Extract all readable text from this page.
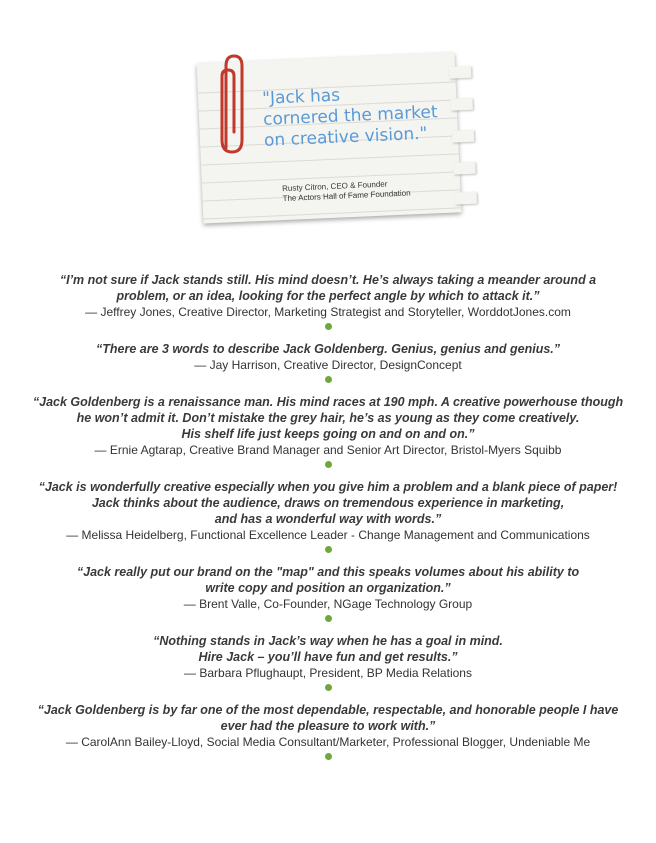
"Jack has
cornered the market
on creative vision."
Rusty Citron, CEO & Founder
The Actors Hall of Fame Foundation
“I’m not sure if Jack stands still. His mind doesn’t. He’s always taking a meander around a
problem, or an idea, looking for the perfect angle by which to attack it.”
— Jeffrey Jones, Creative Director, Marketing Strategist and Storyteller, WorddotJones.com
“There are 3 words to describe Jack Goldenberg. Genius, genius and genius.”
— Jay Harrison, Creative Director, DesignConcept
“Jack Goldenberg is a renaissance man. His mind races at 190 mph. A creative powerhouse though
he won’t admit it. Don’t mistake the grey hair, he’s as young as they come creatively.
His shelf life just keeps going on and on and on.”
— Ernie Agtarap, Creative Brand Manager and Senior Art Director, Bristol-Myers Squibb
“Jack is wonderfully creative especially when you give him a problem and a blank piece of paper!
Jack thinks about the audience, draws on tremendous experience in marketing,
and has a wonderful way with words.”
— Melissa Heidelberg, Functional Excellence Leader - Change Management and Communications
“Jack really put our brand on the "map" and this speaks volumes about his ability to
write copy and position an organization.”
— Brent Valle, Co-Founder, NGage Technology Group
“Nothing stands in Jack’s way when he has a goal in mind.
Hire Jack – you’ll have fun and get results.”
— Barbara Pflughaupt, President, BP Media Relations
“Jack Goldenberg is by far one of the most dependable, respectable, and honorable people I have
ever had the pleasure to work with.”
— CarolAnn Bailey-Lloyd, Social Media Consultant/Marketer, Professional Blogger, Undeniable Me
